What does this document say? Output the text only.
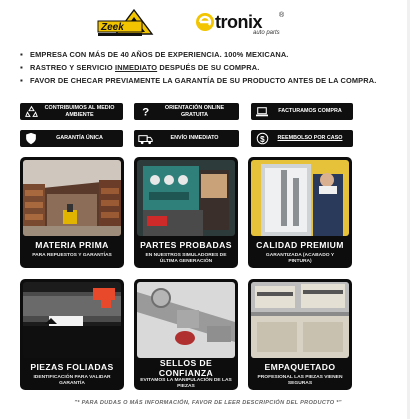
Zeek	tronix ®
auto parts
▪ EMPRESA CON MÁS DE 40 AÑOS DE EXPERIENCIA. 100% MEXICANA.
▪ RASTREO Y SERVICIO INMEDIATO DESPUÉS DE SU COMPRA.
▪ FAVOR DE CHECAR PREVIAMENTE LA GARANTÍA DE SU PRODUCTO ANTES DE LA COMPRA.
CONTRIBUIMOS AL MEDIO AMBIENTE	?	ORIENTACIÓN ONLINE GRATUITA
FACTURAMOS COMPRA
GARANTÍA ÚNICA	ENVÍO INMEDIATO	$	REEMBOLSO POR CASO
MATERIA PRIMA
PARA REPUESTOS Y GARANTÍAS
PARTES PROBADAS
EN NUESTROS SIMULADORES DE ÚLTIMA GENERACIÓN
CALIDAD PREMIUM
GARANTIZADA (ACABADO Y PINTURA)
PIEZAS FOLIADAS
IDENTIFICACIÓN PARA VALIDAR GARANTÍA
SELLOS DE CONFIANZA
EVITAMOS LA MANIPULACIÓN DE LAS PIEZAS
EMPAQUETADO
PROFESIONAL LAS PIEZAS VIENEN SEGURAS
"* PARA DUDAS O MÁS INFORMACIÓN, FAVOR DE LEER DESCRIPCIÓN DEL PRODUCTO *"
